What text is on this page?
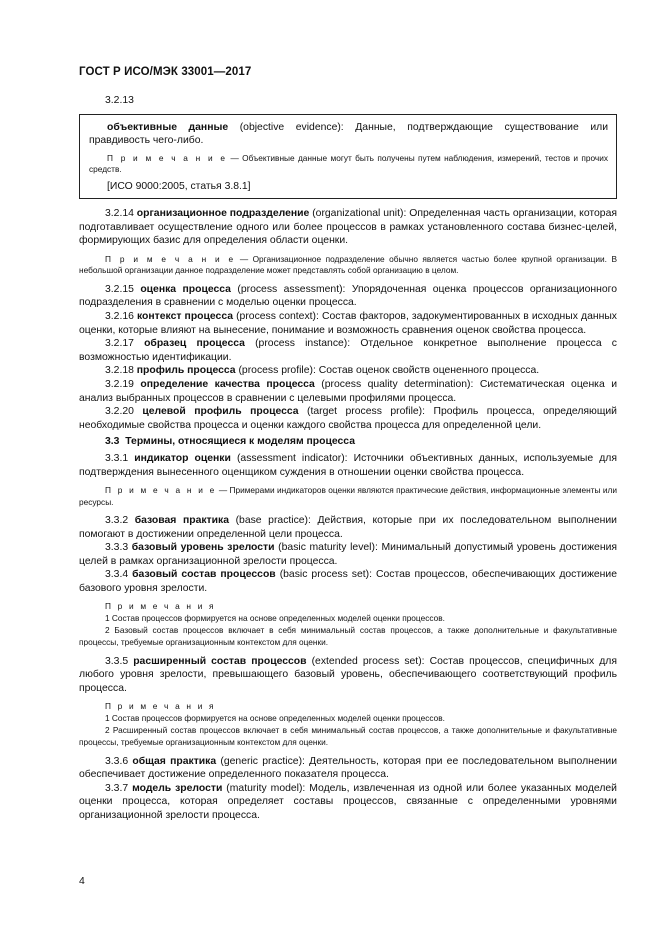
ГОСТ Р ИСО/МЭК 33001—2017

3.2.13

объективные данные (objective evidence): Данные, подтверждающие существование или правдивость чего-либо.

П р и м е ч а н и е — Объективные данные могут быть получены путем наблюдения, измерений, тестов и прочих средств.

[ИСО 9000:2005, статья 3.8.1]

3.2.14 организационное подразделение (organizational unit): Определенная часть организации, которая подготавливает осуществление одного или более процессов в рамках установленного состава бизнес-целей, формирующих базис для определения области оценки.

П р и м е ч а н и е — Организационное подразделение обычно является частью более крупной организации. В небольшой организации данное подразделение может представлять собой организацию в целом.

3.2.15 оценка процесса (process assessment): Упорядоченная оценка процессов организационного подразделения в сравнении с моделью оценки процесса.

3.2.16 контекст процесса (process context): Состав факторов, задокументированных в исходных данных оценки, которые влияют на вынесение, понимание и возможность сравнения оценок свойства процесса.

3.2.17 образец процесса (process instance): Отдельное конкретное выполнение процесса с возможностью идентификации.

3.2.18 профиль процесса (process profile): Состав оценок свойств оцененного процесса.

3.2.19 определение качества процесса (process quality determination): Систематическая оценка и анализ выбранных процессов в сравнении с целевыми профилями процесса.

3.2.20 целевой профиль процесса (target process profile): Профиль процесса, определяющий необходимые свойства процесса и оценки каждого свойства процесса для определенной цели.

3.3  Термины, относящиеся к моделям процесса

3.3.1 индикатор оценки (assessment indicator): Источники объективных данных, используемые для подтверждения вынесенного оценщиком суждения в отношении оценки свойства процесса.

П р и м е ч а н и е — Примерами индикаторов оценки являются практические действия, информационные элементы или ресурсы.

3.3.2 базовая практика (base practice): Действия, которые при их последовательном выполнении помогают в достижении определенной цели процесса.

3.3.3 базовый уровень зрелости (basic maturity level): Минимальный допустимый уровень достижения целей в рамках организационной зрелости процесса.

3.3.4 базовый состав процессов (basic process set): Состав процессов, обеспечивающих достижение базового уровня зрелости.

П р и м е ч а н и я

1 Состав процессов формируется на основе определенных моделей оценки процессов.

2 Базовый состав процессов включает в себя минимальный состав процессов, а также дополнительные и факультативные процессы, требуемые организационным контекстом для оценки.

3.3.5 расширенный состав процессов (extended process set): Состав процессов, специфичных для любого уровня зрелости, превышающего базовый уровень, обеспечивающего соответствующий профиль процесса.

П р и м е ч а н и я

1 Состав процессов формируется на основе определенных моделей оценки процессов.

2 Расширенный состав процессов включает в себя минимальный состав процессов, а также дополнительные и факультативные процессы, требуемые организационным контекстом для оценки.

3.3.6 общая практика (generic practice): Деятельность, которая при ее последовательном выполнении обеспечивает достижение определенного показателя процесса.

3.3.7 модель зрелости (maturity model): Модель, извлеченная из одной или более указанных моделей оценки процесса, которая определяет составы процессов, связанные с определенными уровнями организационной зрелости процесса.

4
